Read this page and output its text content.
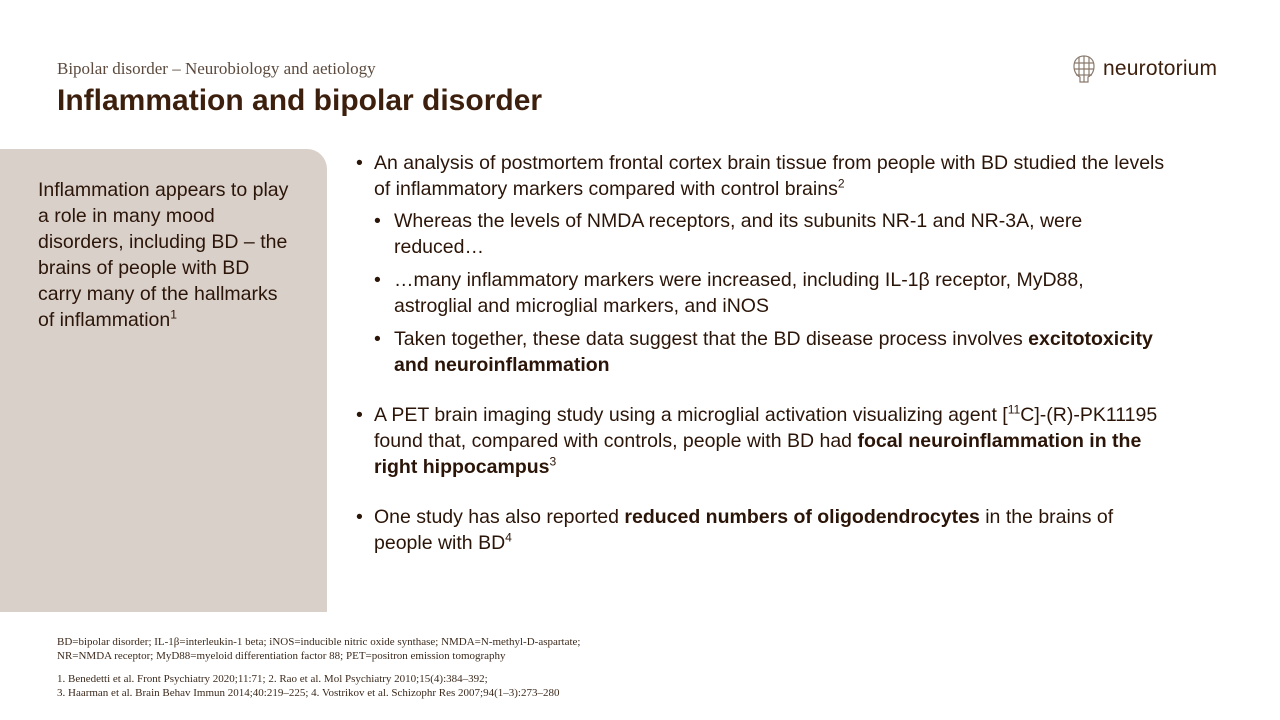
Bipolar disorder – Neurobiology and aetiology
Inflammation and bipolar disorder
neurotorium
Inflammation appears to play a role in many mood disorders, including BD – the brains of people with BD carry many of the hallmarks of inflammation$^1$
• An analysis of postmortem frontal cortex brain tissue from people with BD studied the levels of inflammatory markers compared with control brains$^2$
• Whereas the levels of NMDA receptors, and its subunits NR-1 and NR-3A, were reduced…
• …many inflammatory markers were increased, including IL-1β receptor, MyD88, astroglial and microglial markers, and iNOS
• Taken together, these data suggest that the BD disease process involves excitotoxicity and neuroinflammation
• A PET brain imaging study using a microglial activation visualizing agent [$^{11}$C]-(R)-PK11195 found that, compared with controls, people with BD had focal neuroinflammation in the right hippocampus$^3$
• One study has also reported reduced numbers of oligodendrocytes in the brains of people with $BD^4$

BD=bipolar disorder; IL-1β=interleukin-1 beta; iNOS=inducible nitric oxide synthase; NMDA=N-methyl-D-aspartate;

NR=NMDA receptor; MyD88=myeloid differentiation factor 88; PET=positron emission tomography

1. Benedetti et al. Front Psychiatry 2020;11:71; 2. Rao et al. Mol Psychiatry 2010;15(4):384–392;

3. Haarman et al. Brain Behav Immun 2014;40:219–225; 4. Vostrikov et al. Schizophr Res 2007;94(1–3):273–280
